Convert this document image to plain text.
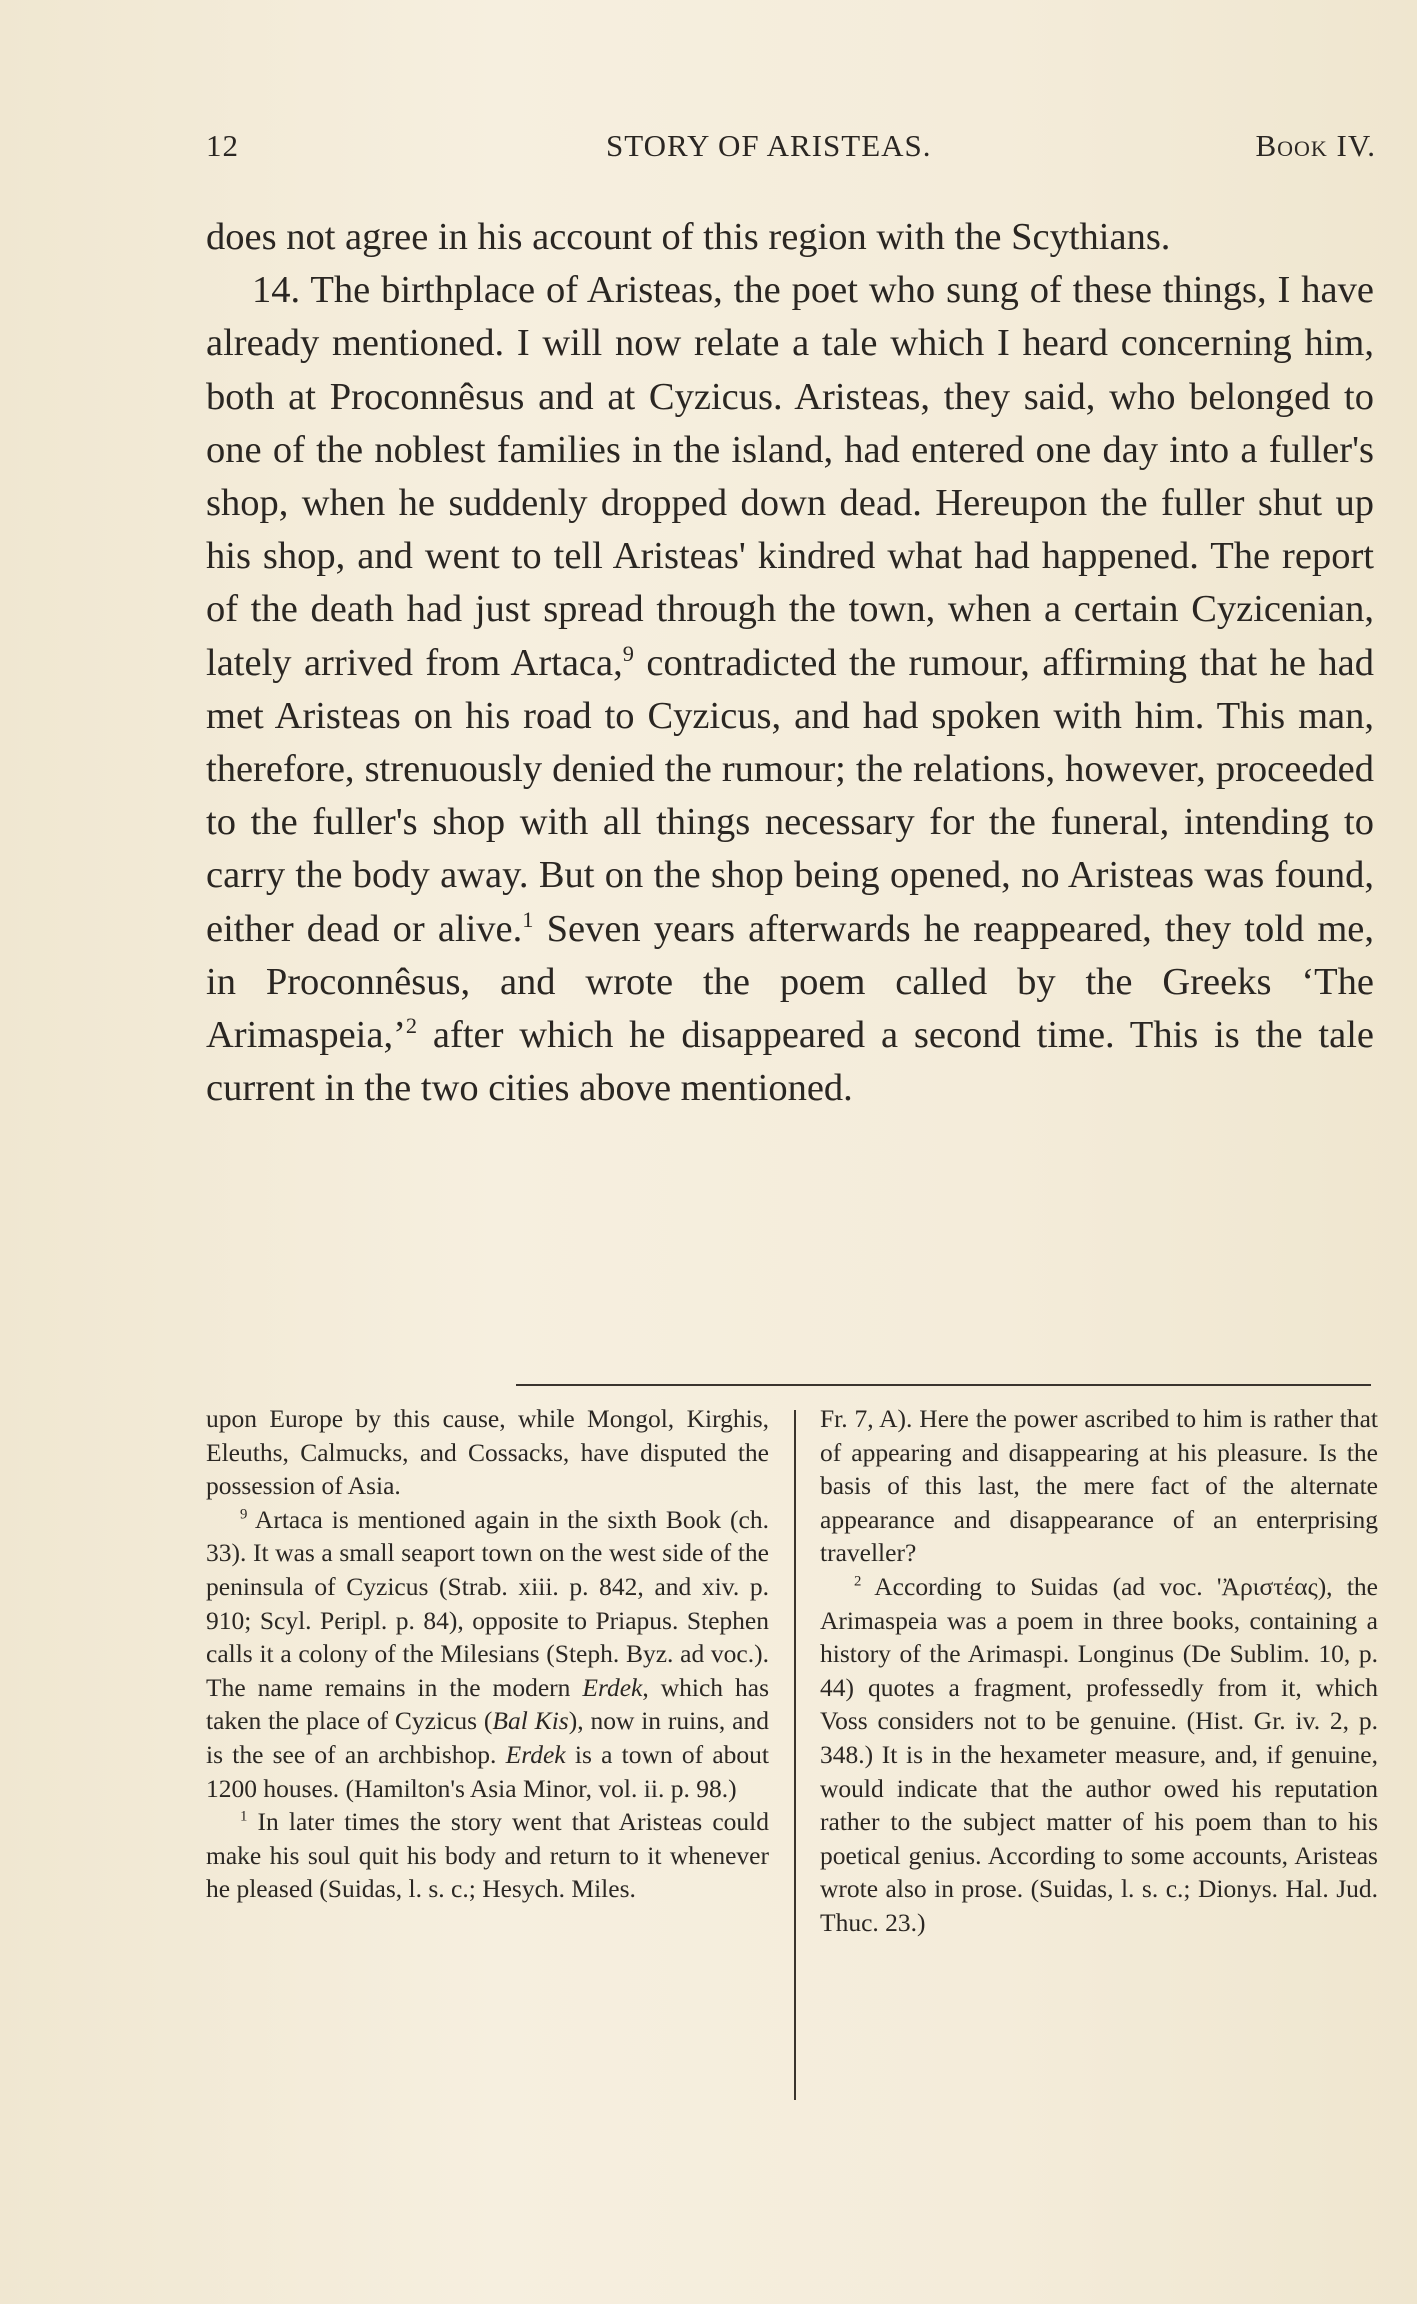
12	STORY OF ARISTEAS.	Book IV.

does not agree in his account of this region with the Scythians.

14. The birthplace of Aristeas, the poet who sung of these things, I have already mentioned. I will now relate a tale which I heard concerning him, both at Proconnêsus and at Cyzicus. Aristeas, they said, who belonged to one of the noblest families in the island, had entered one day into a fuller's shop, when he suddenly dropped down dead. Hereupon the fuller shut up his shop, and went to tell Aristeas' kindred what had happened. The report of the death had just spread through the town, when a certain Cyzicenian, lately arrived from Artaca,$^9$ contradicted the rumour, affirming that he had met Aristeas on his road to Cyzicus, and had spoken with him. This man, therefore, strenuously denied the rumour; the relations, however, proceeded to the fuller's shop with all things necessary for the funeral, intending to carry the body away. But on the shop being opened, no Aristeas was found, either dead or alive.$^1$ Seven years afterwards he reappeared, they told me, in Proconnêsus, and wrote the poem called by the Greeks ‘The Arimaspeia,’$^2$ after which he disappeared a second time. This is the tale current in the two cities above mentioned.

upon Europe by this cause, while Mongol, Kirghis, Eleuths, Calmucks, and Cossacks, have disputed the possession of Asia.

$^9$ Artaca is mentioned again in the sixth Book (ch. 33). It was a small seaport town on the west side of the peninsula of Cyzicus (Strab. xiii. p. 842, and xiv. p. 910; Scyl. Peripl. p. 84), opposite to Priapus. Stephen calls it a colony of the Milesians (Steph. Byz. ad voc.). The name remains in the modern Erdek, which has taken the place of Cyzicus (Bal Kis), now in ruins, and is the see of an archbishop. Erdek is a town of about 1200 houses. (Hamilton's Asia Minor, vol. ii. p. 98.)

$^1$ In later times the story went that Aristeas could make his soul quit his body and return to it whenever he pleased (Suidas, l. s. c.; Hesych. Miles.

Fr. 7, A). Here the power ascribed to him is rather that of appearing and disappearing at his pleasure. Is the basis of this last, the mere fact of the alternate appearance and disappearance of an enterprising traveller?

$^2$ According to Suidas (ad voc. 'Ἀριστέας), the Arimaspeia was a poem in three books, containing a history of the Arimaspi. Longinus (De Sublim. 10, p. 44) quotes a fragment, professedly from it, which Voss considers not to be genuine. (Hist. Gr. iv. 2, p. 348.) It is in the hexameter measure, and, if genuine, would indicate that the author owed his reputation rather to the subject matter of his poem than to his poetical genius. According to some accounts, Aristeas wrote also in prose. (Suidas, l. s. c.; Dionys. Hal. Jud. Thuc. 23.)
